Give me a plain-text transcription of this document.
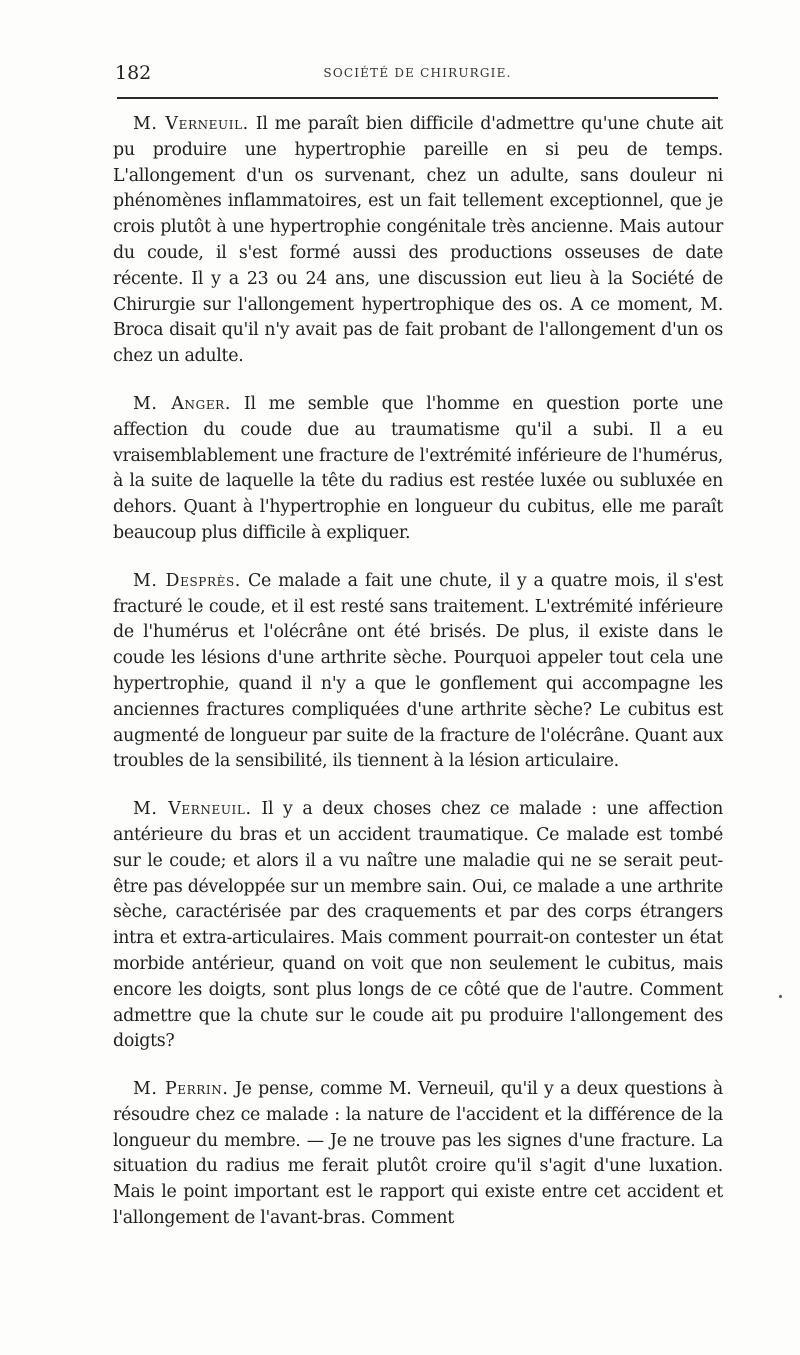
182	SOCIÉTÉ DE CHIRURGIE.

M. Verneuil. Il me paraît bien difficile d'admettre qu'une chute ait pu produire une hypertrophie pareille en si peu de temps. L'allongement d'un os survenant, chez un adulte, sans douleur ni phénomènes inflammatoires, est un fait tellement exceptionnel, que je crois plutôt à une hypertrophie congénitale très ancienne. Mais autour du coude, il s'est formé aussi des productions osseuses de date récente. Il y a 23 ou 24 ans, une discussion eut lieu à la Société de Chirurgie sur l'allongement hypertrophique des os. A ce moment, M. Broca disait qu'il n'y avait pas de fait probant de l'allongement d'un os chez un adulte.

M. Anger. Il me semble que l'homme en question porte une affection du coude due au traumatisme qu'il a subi. Il a eu vraisemblablement une fracture de l'extrémité inférieure de l'humérus, à la suite de laquelle la tête du radius est restée luxée ou subluxée en dehors. Quant à l'hypertrophie en longueur du cubitus, elle me paraît beaucoup plus difficile à expliquer.

M. Desprès. Ce malade a fait une chute, il y a quatre mois, il s'est fracturé le coude, et il est resté sans traitement. L'extrémité inférieure de l'humérus et l'olécrâne ont été brisés. De plus, il existe dans le coude les lésions d'une arthrite sèche. Pourquoi appeler tout cela une hypertrophie, quand il n'y a que le gonflement qui accompagne les anciennes fractures compliquées d'une arthrite sèche? Le cubitus est augmenté de longueur par suite de la fracture de l'olécrâne. Quant aux troubles de la sensibilité, ils tiennent à la lésion articulaire.

M. Verneuil. Il y a deux choses chez ce malade : une affection antérieure du bras et un accident traumatique. Ce malade est tombé sur le coude; et alors il a vu naître une maladie qui ne se serait peut-être pas développée sur un membre sain. Oui, ce malade a une arthrite sèche, caractérisée par des craquements et par des corps étrangers intra et extra-articulaires. Mais comment pourrait-on contester un état morbide antérieur, quand on voit que non seulement le cubitus, mais encore les doigts, sont plus longs de ce côté que de l'autre. Comment admettre que la chute sur le coude ait pu produire l'allongement des doigts?

M. Perrin. Je pense, comme M. Verneuil, qu'il y a deux questions à résoudre chez ce malade : la nature de l'accident et la différence de la longueur du membre. — Je ne trouve pas les signes d'une fracture. La situation du radius me ferait plutôt croire qu'il s'agit d'une luxation. Mais le point important est le rapport qui existe entre cet accident et l'allongement de l'avant-bras. Comment
